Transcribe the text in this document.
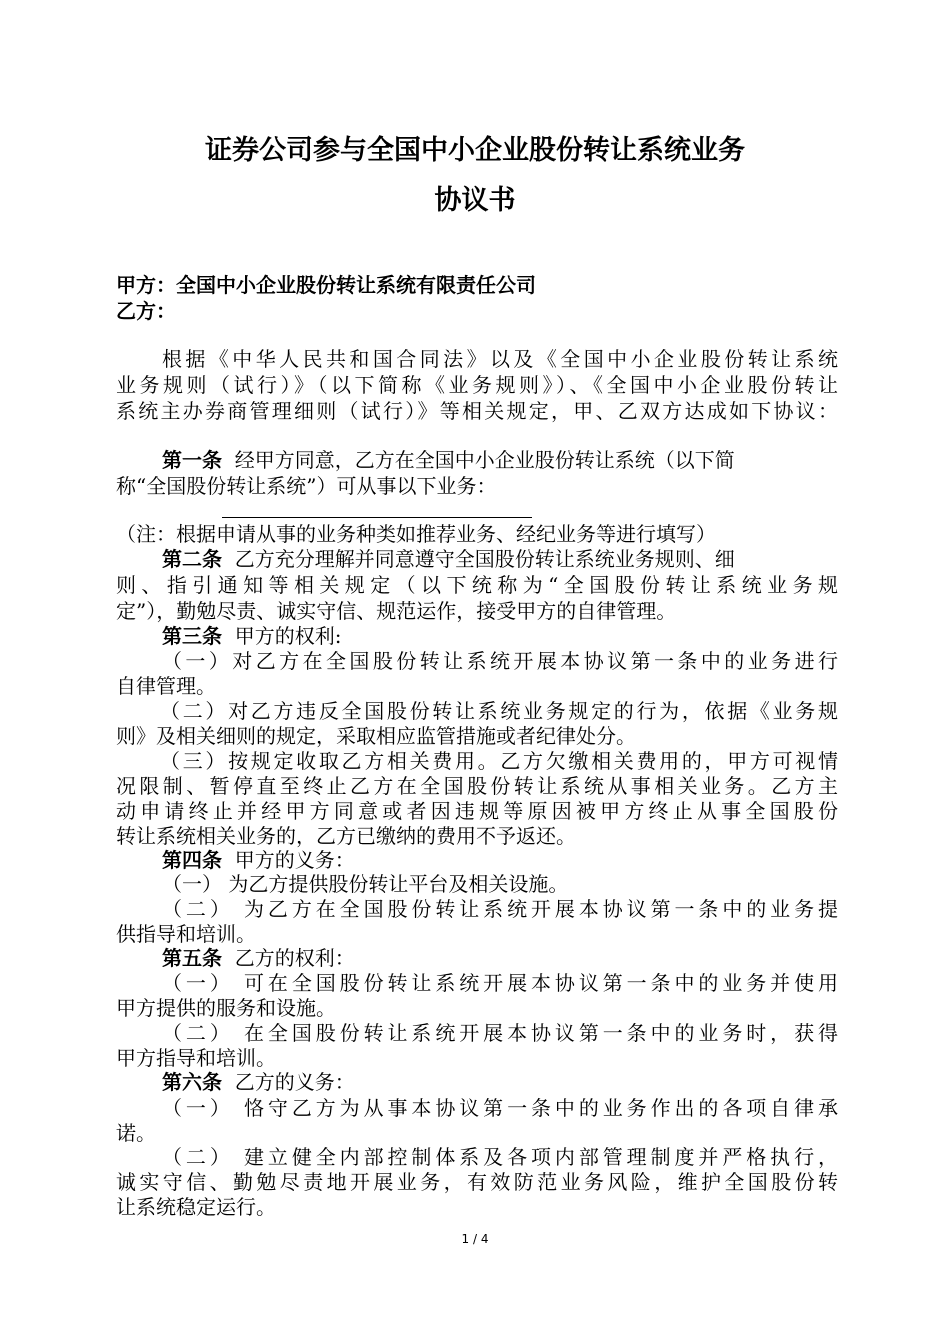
证券公司参与全国中小企业股份转让系统业务
协议书
甲方：全国中小企业股份转让系统有限责任公司
乙方：
根据《中华人民共和国合同法》以及《全国中小企业股份转让系统
业务规则（试行）》（以下简称《业务规则》）、《全国中小企业股份转让
系统主办券商管理细则（试行）》等相关规定，甲、乙双方达成如下协议：
第一条 经甲方同意，乙方在全国中小企业股份转让系统（以下简
称“全国股份转让系统”）可从事以下业务：
（注：根据申请从事的业务种类如推荐业务、经纪业务等进行填写）
第二条 乙方充分理解并同意遵守全国股份转让系统业务规则、细
则、指引通知等相关规定（以下统称为“全国股份转让系统业务规
定”），勤勉尽责、诚实守信、规范运作，接受甲方的自律管理。
第三条 甲方的权利:
（一）对乙方在全国股份转让系统开展本协议第一条中的业务进行
自律管理。
（二）对乙方违反全国股份转让系统业务规定的行为，依据《业务规
则》及相关细则的规定，采取相应监管措施或者纪律处分。
（三）按规定收取乙方相关费用。乙方欠缴相关费用的，甲方可视情
况限制、暂停直至终止乙方在全国股份转让系统从事相关业务。乙方主
动申请终止并经甲方同意或者因违规等原因被甲方终止从事全国股份
转让系统相关业务的，乙方已缴纳的费用不予返还。
第四条 甲方的义务：
（一） 为乙方提供股份转让平台及相关设施。
（二） 为乙方在全国股份转让系统开展本协议第一条中的业务提
供指导和培训。
第五条 乙方的权利：
（一） 可在全国股份转让系统开展本协议第一条中的业务并使用
甲方提供的服务和设施。
（二） 在全国股份转让系统开展本协议第一条中的业务时，获得
甲方指导和培训。
第六条 乙方的义务：
（一） 恪守乙方为从事本协议第一条中的业务作出的各项自律承
诺。
（二） 建立健全内部控制体系及各项内部管理制度并严格执行，
诚实守信、勤勉尽责地开展业务，有效防范业务风险，维护全国股份转
让系统稳定运行。
1 / 4
